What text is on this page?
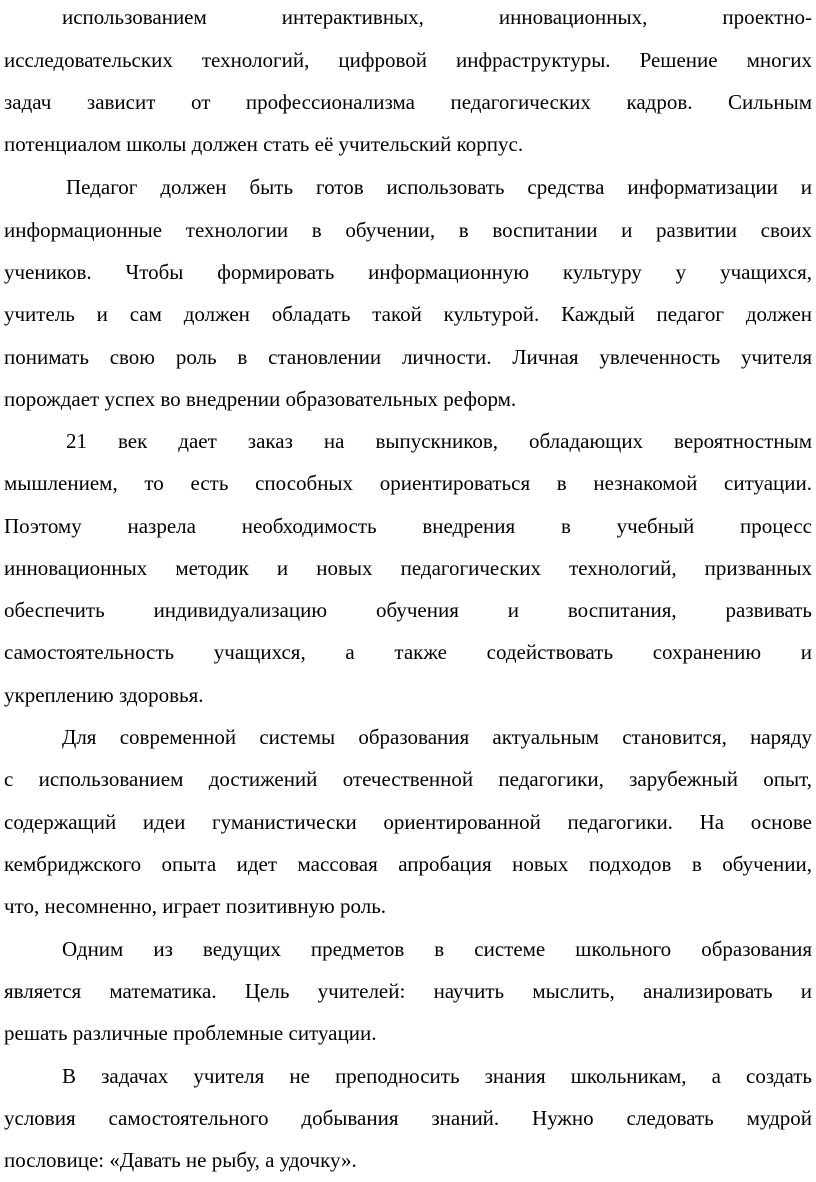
использованием интерактивных, инновационных, проектно-
исследовательских технологий, цифровой инфраструктуры. Решение многих
задач зависит от профессионализма педагогических кадров. Сильным
потенциалом школы должен стать её учительский корпус.
Педагог должен быть готов использовать средства информатизации и
информационные технологии в обучении, в воспитании и развитии своих
учеников. Чтобы формировать информационную культуру у учащихся,
учитель и сам должен обладать такой культурой. Каждый педагог должен
понимать свою роль в становлении личности. Личная увлеченность учителя
порождает успех во внедрении образовательных реформ.
21 век дает заказ на выпускников, обладающих вероятностным
мышлением, то есть способных ориентироваться в незнакомой ситуации.
Поэтому назрела необходимость внедрения в учебный процесс
инновационных методик и новых педагогических технологий, призванных
обеспечить индивидуализацию обучения и воспитания, развивать
самостоятельность учащихся, а также содействовать сохранению и
укреплению здоровья.
Для современной системы образования актуальным становится, наряду
с использованием достижений отечественной педагогики, зарубежный опыт,
содержащий идеи гуманистически ориентированной педагогики. На основе
кембриджского опыта идет массовая апробация новых подходов в обучении,
что, несомненно, играет позитивную роль.
Одним из ведущих предметов в системе школьного образования
является математика. Цель учителей: научить мыслить, анализировать и
решать различные проблемные ситуации.
В задачах учителя не преподносить знания школьникам, а создать
условия самостоятельного добывания знаний. Нужно следовать мудрой
пословице: «Давать не рыбу, а удочку».
